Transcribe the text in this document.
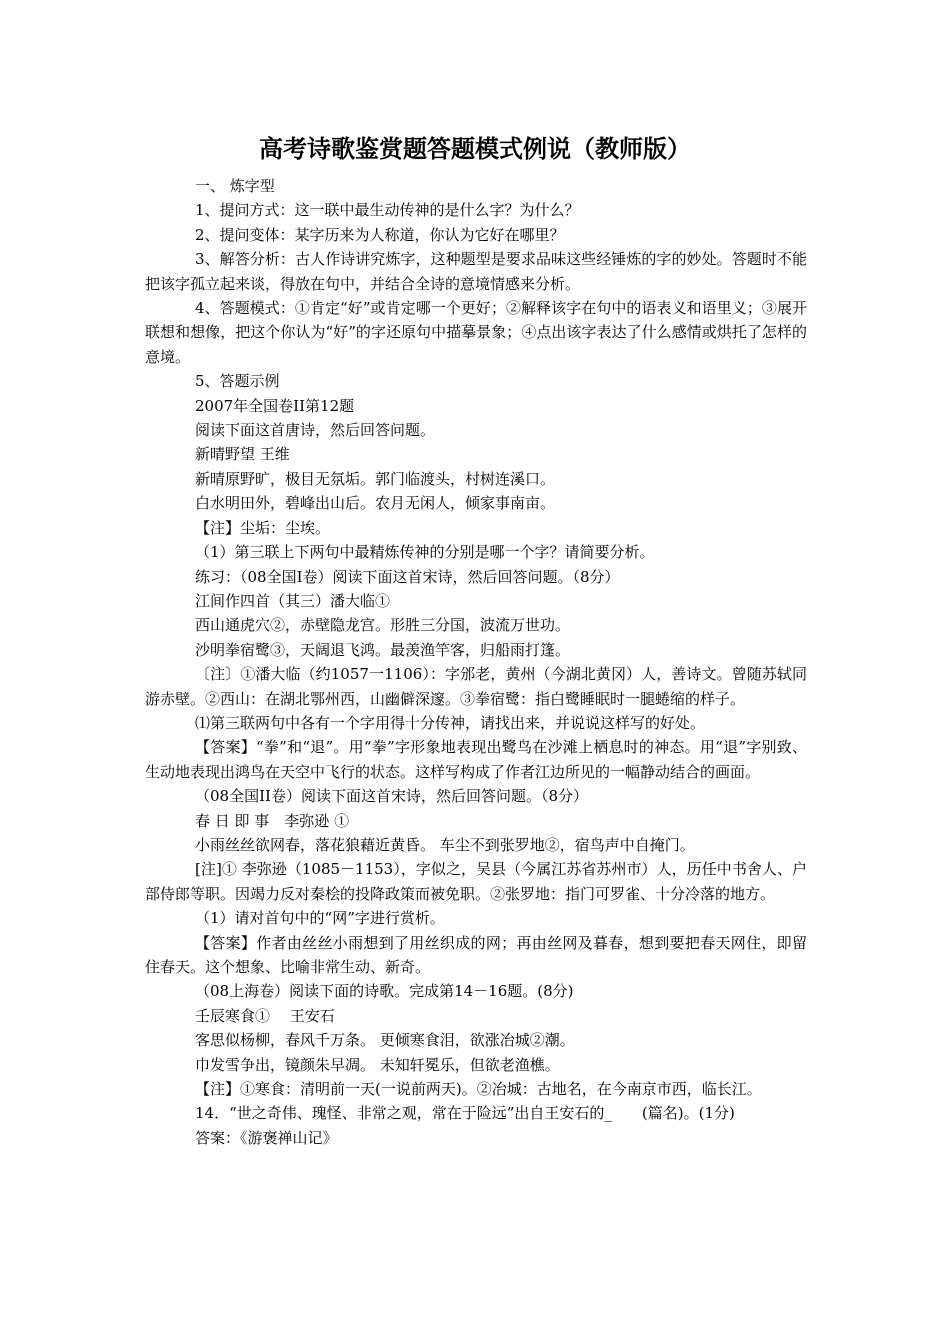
高考诗歌鉴赏题答题模式例说（教师版）

一、 炼字型

1、提问方式：这一联中最生动传神的是什么字？为什么？

2、提问变体：某字历来为人称道，你认为它好在哪里？

3、解答分析：古人作诗讲究炼字，这种题型是要求品味这些经锤炼的字的妙处。答题时不能把该字孤立起来谈，得放在句中，并结合全诗的意境情感来分析。

4、答题模式：①肯定“好”或肯定哪一个更好；②解释该字在句中的语表义和语里义；③展开联想和想像，把这个你认为“好”的字还原句中描摹景象；④点出该字表达了什么感情或烘托了怎样的意境。

5、答题示例

2007年全国卷II第12题

阅读下面这首唐诗，然后回答问题。

新晴野望 王维

新晴原野旷，极目无氛垢。郭门临渡头，村树连溪口。

白水明田外，碧峰出山后。农月无闲人，倾家事南亩。

【注】尘垢：尘埃。

（1）第三联上下两句中最精炼传神的分别是哪一个字？请简要分析。

练习：（08全国I卷）阅读下面这首宋诗，然后回答问题。（8分）

江间作四首（其三）潘大临①

西山通虎穴②，赤壁隐龙宫。形胜三分国，波流万世功。

沙明拳宿鹭③，天阔退飞鸿。最羡渔竿客，归船雨打篷。

〔注〕①潘大临（约1057一1106）：字邠老，黄州（今湖北黄冈）人，善诗文。曾随苏轼同游赤壁。②西山：在湖北鄂州西，山幽僻深邃。③拳宿鹭：指白鹭睡眠时一腿蜷缩的样子。

⑴第三联两句中各有一个字用得十分传神，请找出来，并说说这样写的好处。

【答案】“拳”和“退”。用“拳”字形象地表现出鹭鸟在沙滩上栖息时的神态。用“退”字别致、生动地表现出鸿鸟在天空中飞行的状态。这样写构成了作者江边所见的一幅静动结合的画面。

（08全国II卷）阅读下面这首宋诗，然后回答问题。（8分）

春 日 即 事　李弥逊 ①

小雨丝丝欲网春，落花狼藉近黄昏。 车尘不到张罗地②，宿鸟声中自掩门。

[注]① 李弥逊（1085－1153），字似之，吴县（今属江苏省苏州市）人，历任中书舍人、户部侍郎等职。因竭力反对秦桧的投降政策而被免职。②张罗地：指门可罗雀、十分冷落的地方。

（1）请对首句中的“网”字进行赏析。

【答案】作者由丝丝小雨想到了用丝织成的网；再由丝网及暮春，想到要把春天网住，即留住春天。这个想象、比喻非常生动、新奇。

（08上海卷）阅读下面的诗歌。完成第14－16题。(8分)

壬辰寒食①　 王安石

客思似杨柳，春风千万条。 更倾寒食泪，欲涨冶城②潮。

巾发雪争出，镜颜朱早凋。 未知轩冕乐，但欲老渔樵。

【注】①寒食：清明前一天(一说前两天)。②冶城：古地名，在今南京市西，临长江。

14．“世之奇伟、瑰怪、非常之观，常在于险远”出自王安石的_　　(篇名)。(1分)

答案：《游褒禅山记》
